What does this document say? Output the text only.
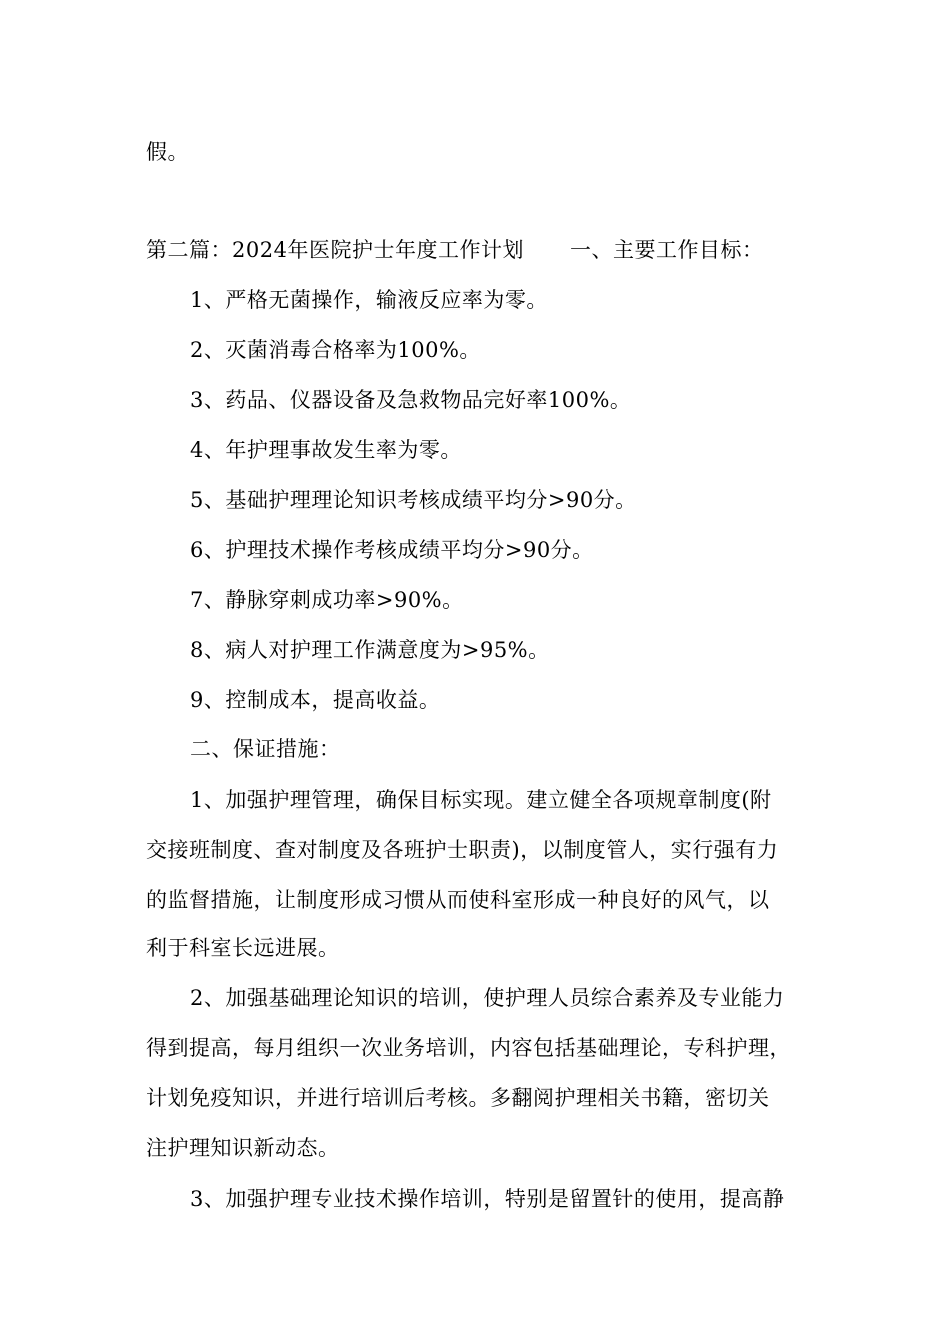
假。
第二篇：2024年医院护士年度工作计划 一、主要工作目标：
1、严格无菌操作，输液反应率为零。
2、灭菌消毒合格率为100%。
3、药品、仪器设备及急救物品完好率100%。
4、年护理事故发生率为零。
5、基础护理理论知识考核成绩平均分>90分。
6、护理技术操作考核成绩平均分>90分。
7、静脉穿刺成功率>90%。
8、病人对护理工作满意度为>95%。
9、控制成本，提高收益。
二、保证措施：
1、加强护理管理，确保目标实现。建立健全各项规章制度(附
交接班制度、查对制度及各班护士职责)，以制度管人，实行强有力
的监督措施，让制度形成习惯从而使科室形成一种良好的风气，以
利于科室长远进展。
2、加强基础理论知识的培训，使护理人员综合素养及专业能力
得到提高，每月组织一次业务培训，内容包括基础理论，专科护理，
计划免疫知识，并进行培训后考核。多翻阅护理相关书籍，密切关
注护理知识新动态。
3、加强护理专业技术操作培训，特别是留置针的使用，提高静
